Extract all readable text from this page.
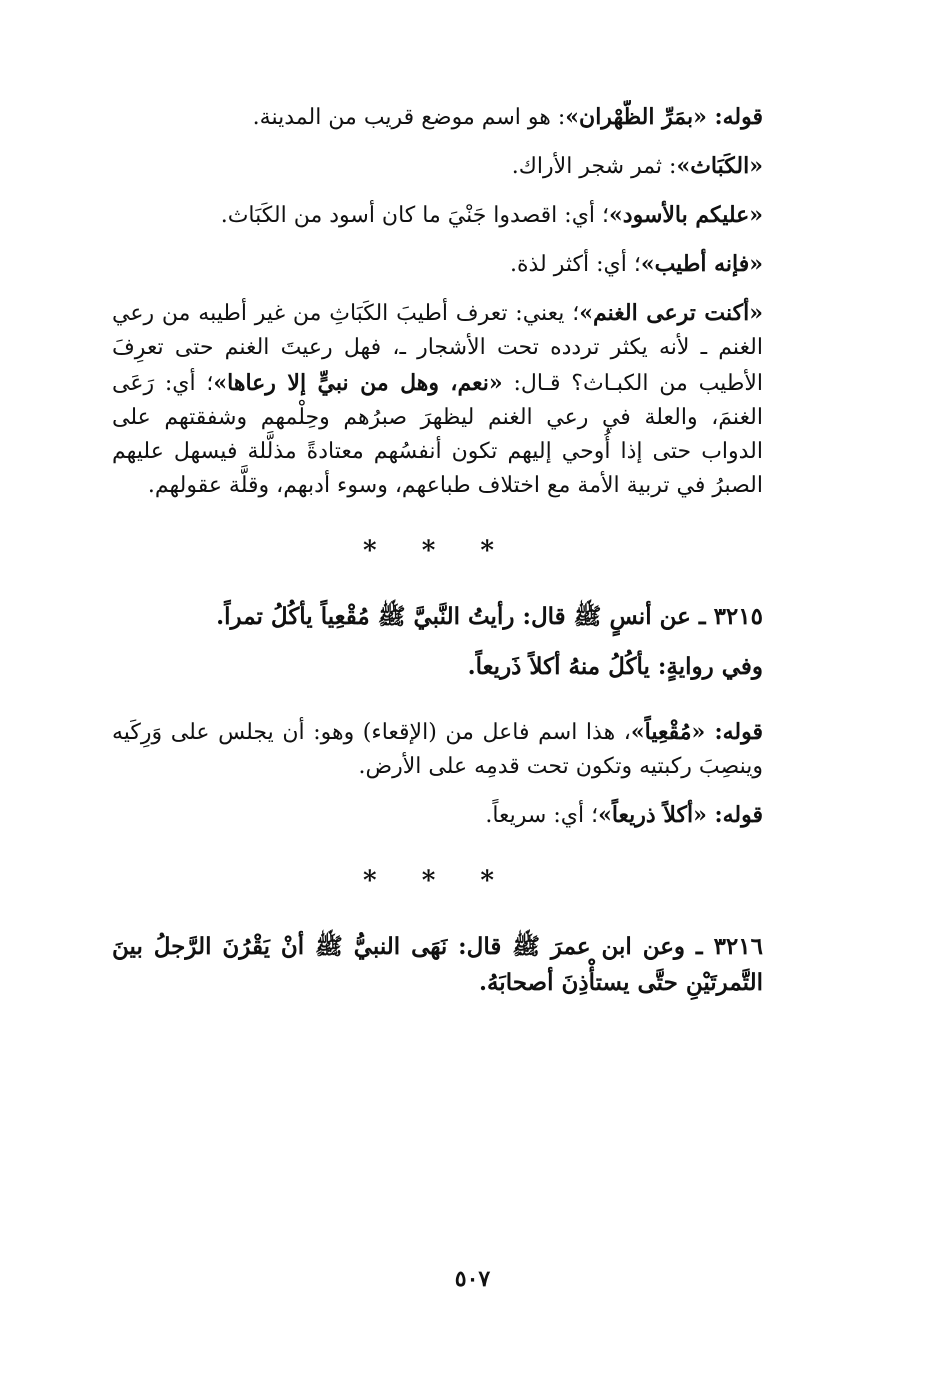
قوله: «بمَرِّ الظَّهْران»: هو اسم موضع قريب من المدينة.

«الكَبَاث»: ثمر شجر الأراك.

«عليكم بالأسود»؛ أي: اقصدوا جَنْيَ ما كان أسود من الكَبَاث.

«فإنه أطيب»؛ أي: أكثر لذة.

«أكنت ترعى الغنم»؛ يعني: تعرف أطيبَ الكَبَاثِ من غير أطيبه من رعي الغنم ـ لأنه يكثر تردده تحت الأشجار ـ، فهل رعيتَ الغنم حتى تعرِفَ الأطيب من الكبـاث؟ قـال: «نعم، وهل من نبيٍّ إلا رعاها»؛ أي: رَعَى الغنمَ، والعلة في رعي الغنم ليظهرَ صبرُهم وحِلْمهم وشفقتهم على الدواب حتى إذا أُوحي إليهم تكون أنفسُهم معتادةً مذلَّلة فيسهل عليهم الصبرُ في تربية الأمة مع اختلاف طباعهم، وسوء أدبهم، وقلَّة عقولهم.

* * *

٣٢١٥ ـ عن أنسٍ ﷺ قال: رأيتُ النَّبيَّ ﷺ مُقْعِياً يأكُلُ تمراً.

وفي روايةٍ: يأكُلُ منهُ أكلاً ذَريعاً.

قوله: «مُقْعِياً»، هذا اسم فاعل من (الإقعاء) وهو: أن يجلس على وَرِكَيه وينصِبَ ركبتيه وتكون تحت قدمِه على الأرض.

قوله: «أكلاً ذريعاً»؛ أي: سريعاً.

* * *

٣٢١٦ ـ وعن ابن عمرَ ﷺ قال: نَهَى النبيُّ ﷺ أنْ يَقْرُنَ الرَّجلُ بينَ التَّمرتَيْنِ حتَّى يستأْذِنَ أصحابَهُ.

٥٠٧
